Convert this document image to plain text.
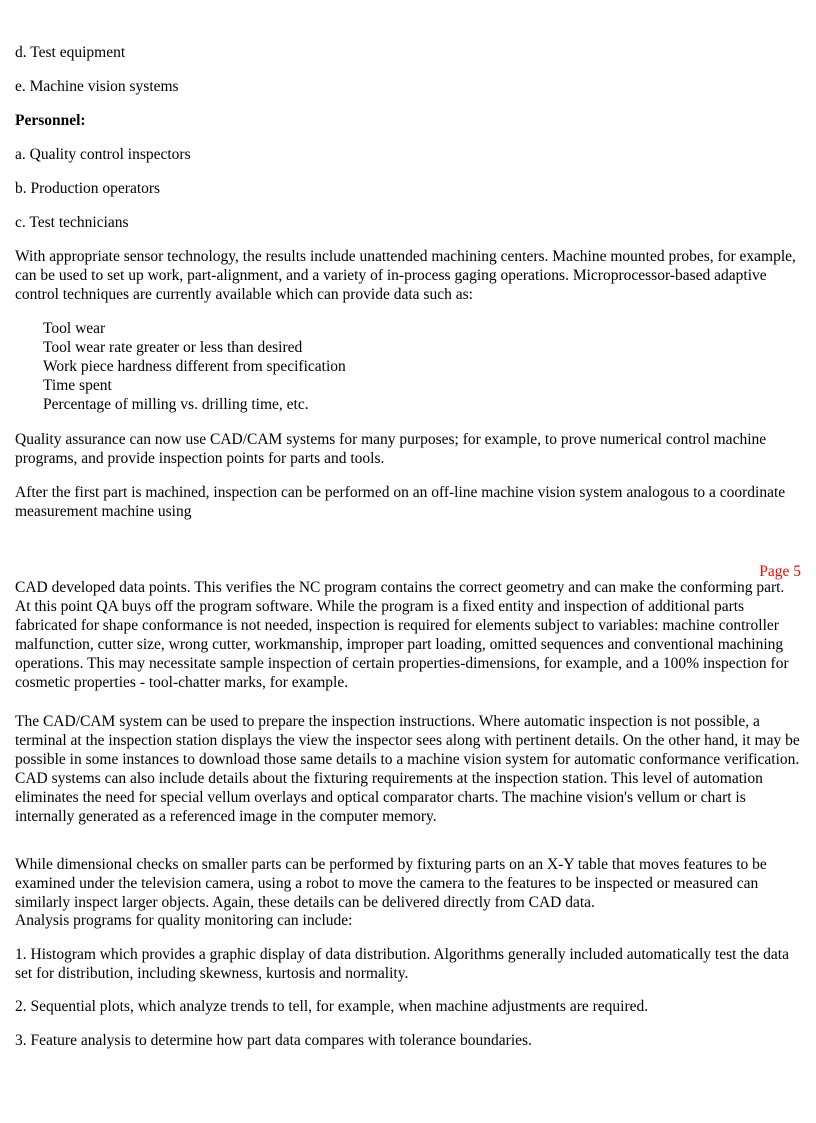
d. Test equipment

e. Machine vision systems

Personnel:

a. Quality control inspectors

b. Production operators

c. Test technicians

With appropriate sensor technology, the results include unattended machining centers. Machine mounted probes, for example, can be used to set up work, part-alignment, and a variety of in-process gaging operations. Microprocessor-based adaptive control techniques are currently available which can provide data such as:

Tool wear
Tool wear rate greater or less than desired
Work piece hardness different from specification
Time spent
Percentage of milling vs. drilling time, etc.

Quality assurance can now use CAD/CAM systems for many purposes; for example, to prove numerical control machine programs, and provide inspection points for parts and tools.

After the first part is machined, inspection can be performed on an off-line machine vision system analogous to a coordinate measurement machine using

Page 5

CAD developed data points. This verifies the NC program contains the correct geometry and can make the conforming part. At this point QA buys off the program software. While the program is a fixed entity and inspection of additional parts fabricated for shape conformance is not needed, inspection is required for elements subject to variables: machine controller malfunction, cutter size, wrong cutter, workmanship, improper part loading, omitted sequences and conventional machining operations. This may necessitate sample inspection of certain properties-dimensions, for example, and a 100% inspection for cosmetic properties - tool-chatter marks, for example.

The CAD/CAM system can be used to prepare the inspection instructions. Where automatic inspection is not possible, a terminal at the inspection station displays the view the inspector sees along with pertinent details. On the other hand, it may be possible in some instances to download those same details to a machine vision system for automatic conformance verification. CAD systems can also include details about the fixturing requirements at the inspection station. This level of automation eliminates the need for special vellum overlays and optical comparator charts. The machine vision's vellum or chart is internally generated as a referenced image in the computer memory.

While dimensional checks on smaller parts can be performed by fixturing parts on an X-Y table that moves features to be examined under the television camera, using a robot to move the camera to the features to be inspected or measured can similarly inspect larger objects. Again, these details can be delivered directly from CAD data.

Analysis programs for quality monitoring can include:

1. Histogram which provides a graphic display of data distribution. Algorithms generally included automatically test the data set for distribution, including skewness, kurtosis and normality.

2. Sequential plots, which analyze trends to tell, for example, when machine adjustments are required.

3. Feature analysis to determine how part data compares with tolerance boundaries.
